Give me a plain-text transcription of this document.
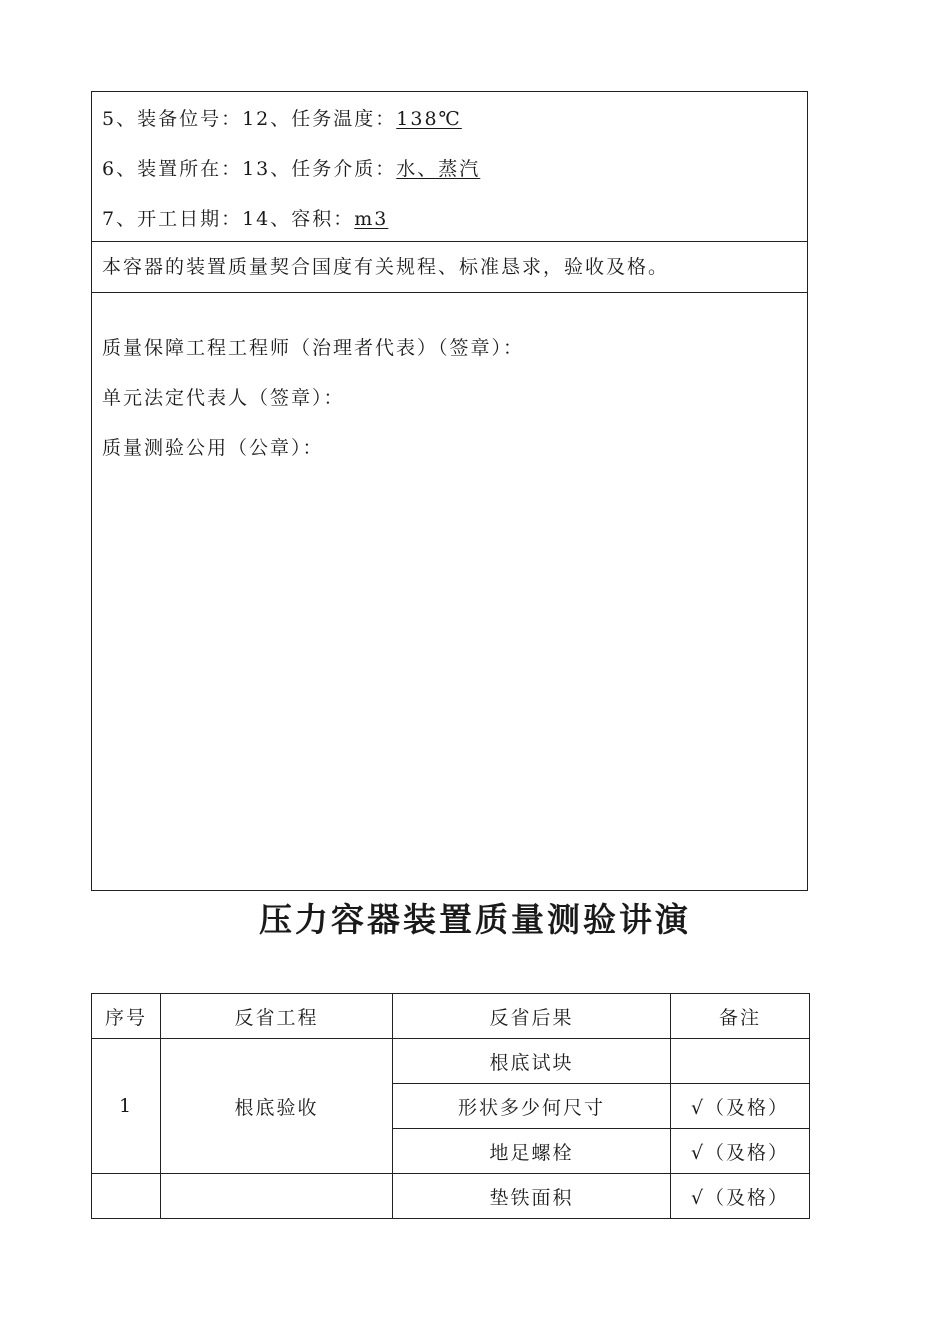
5、装备位号：12、任务温度：138℃
6、装置所在：13、任务介质：水、蒸汽
7、开工日期：14、容积：m3
本容器的装置质量契合国度有关规程、标准恳求，验收及格。
质量保障工程工程师（治理者代表）（签章）：
单元法定代表人（签章）：
质量测验公用（公章）：
压力容器装置质量测验讲演
序号	反省工程	反省后果	备注
1	根底验收	根底试块	
		形状多少何尺寸	√（及格）
		地足螺栓	√（及格）
		垫铁面积	√（及格）
